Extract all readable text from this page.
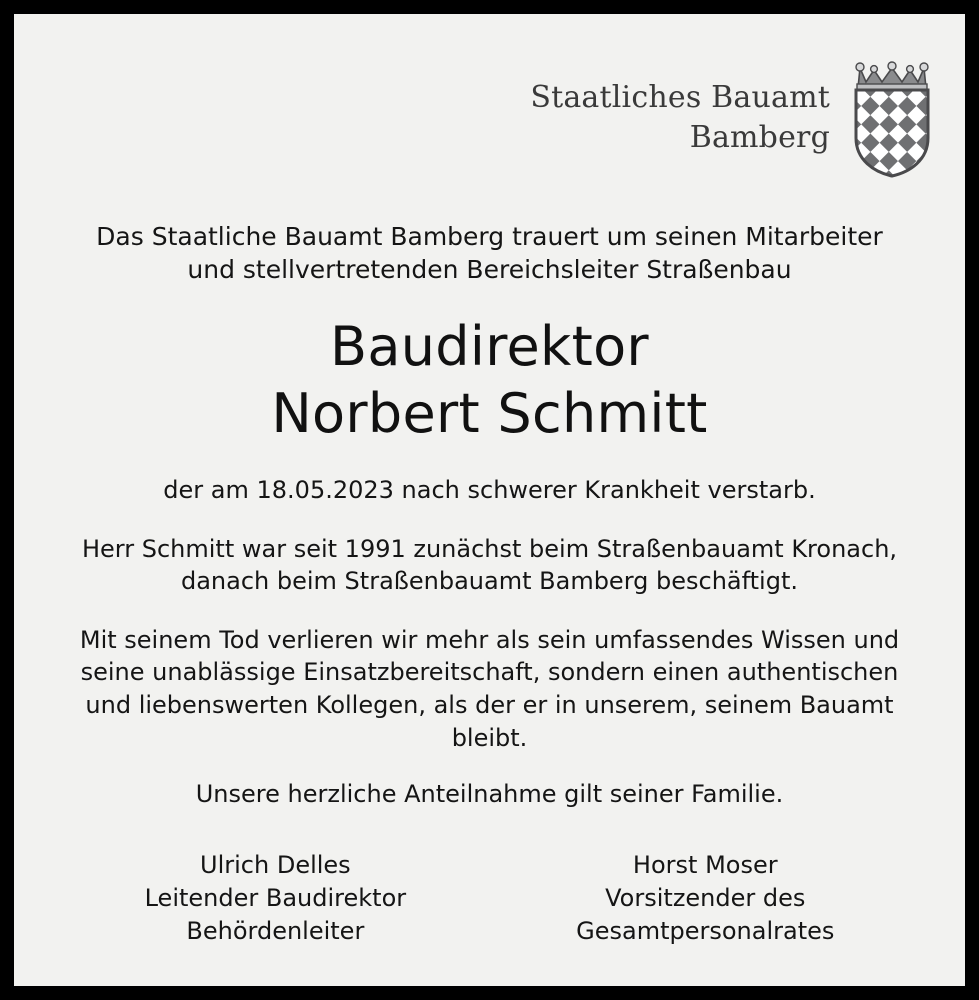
Staatliches Bauamt
Bamberg
Das Staatliche Bauamt Bamberg trauert um seinen Mitarbeiter
und stellvertretenden Bereichsleiter Straßenbau
Baudirektor
Norbert Schmitt
der am 18.05.2023 nach schwerer Krankheit verstarb.
Herr Schmitt war seit 1991 zunächst beim Straßenbauamt Kronach, danach beim Straßenbauamt Bamberg beschäftigt.
Mit seinem Tod verlieren wir mehr als sein umfassendes Wissen und seine unablässige Einsatzbereitschaft, sondern einen authentischen und liebenswerten Kollegen, als der er in unserem, seinem Bauamt bleibt.
Unsere herzliche Anteilnahme gilt seiner Familie.
Ulrich Delles
Leitender Baudirektor
Behördenleiter
Horst Moser
Vorsitzender des
Gesamtpersonalrates
